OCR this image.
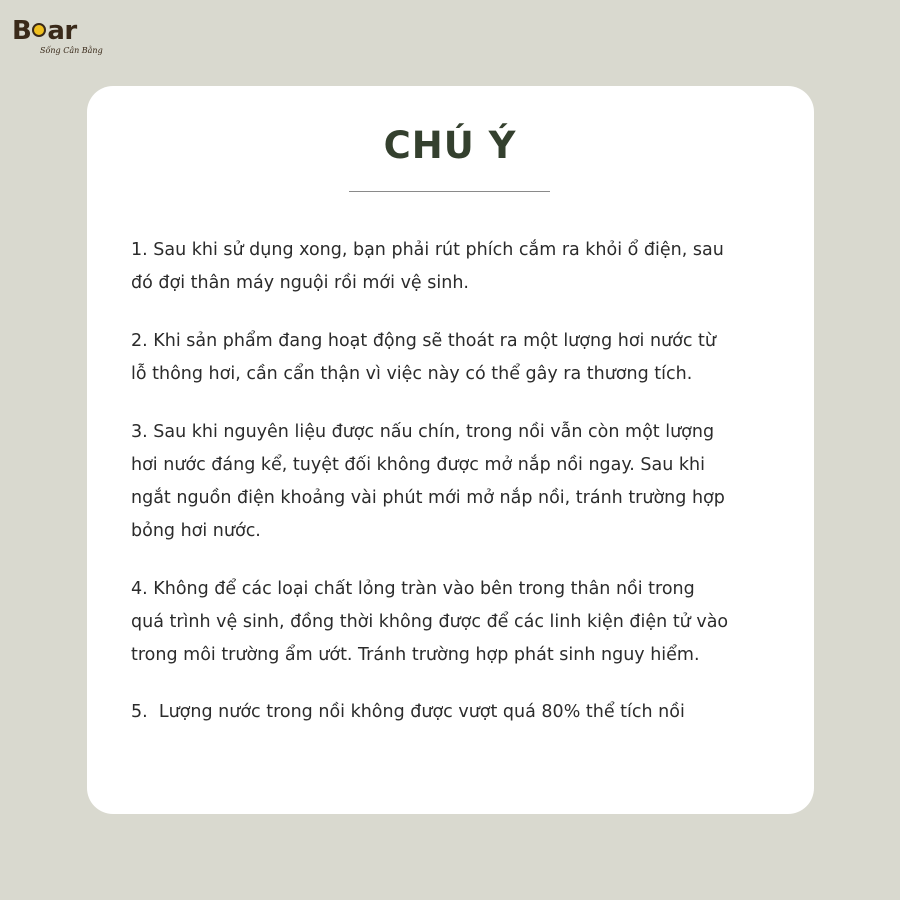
B ar
Sống Cân Bằng
CHÚ Ý

1. Sau khi sử dụng xong, bạn phải rút phích cắm ra khỏi ổ điện, sau
đó đợi thân máy nguội rồi mới vệ sinh.

2. Khi sản phẩm đang hoạt động sẽ thoát ra một lượng hơi nước từ
lỗ thông hơi, cần cẩn thận vì việc này có thể gây ra thương tích.

3. Sau khi nguyên liệu được nấu chín, trong nồi vẫn còn một lượng
hơi nước đáng kể, tuyệt đối không được mở nắp nồi ngay. Sau khi
ngắt nguồn điện khoảng vài phút mới mở nắp nồi, tránh trường hợp
bỏng hơi nước.

4. Không để các loại chất lỏng tràn vào bên trong thân nồi trong
quá trình vệ sinh, đồng thời không được để các linh kiện điện tử vào
trong môi trường ẩm ướt. Tránh trường hợp phát sinh nguy hiểm.

5.  Lượng nước trong nồi không được vượt quá 80% thể tích nồi
